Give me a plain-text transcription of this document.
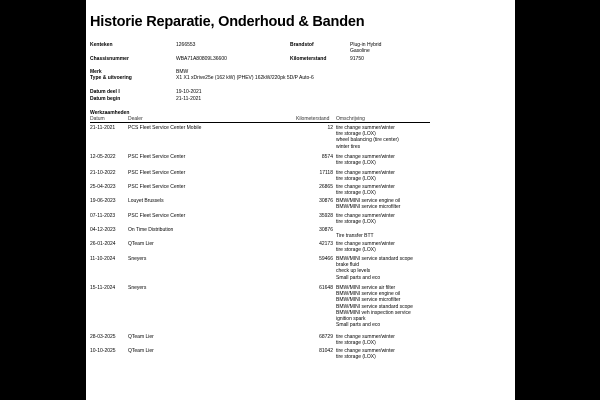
Historie Reparatie, Onderhoud & Banden
Kenteken	1266553	Brandstof	Plug-in Hybrid Gasoline
Chassisnummer	WBA71A80809L36600	Kilometerstand	91750
Merk	BMW
Type & uitvoering	X1 X1 xDrive25e (162 kW) (PHEV) 162kW/220pk 5D/P Auto-6
Datum deel I	19-10-2021
Datum begin	21-11-2021
Werkzaamheden
Datum	Dealer	Kilometerstand Omschrijving
21-11-2021	PCS Fleet Service Center Mobile	12 tire change summer/winter
tire storage (LOX)
wheel balancing (tire center)
winter tires
12-05-2022 PSC Fleet Service Center	8574 tire change summer/winter
tire storage (LOX)
21-10-2022 PSC Fleet Service Center	17118 tire change summer/winter
tire storage (LOX)
25-04-2023 PSC Fleet Service Center	26865 tire change summer/winter
tire storage (LOX)
19-06-2023 Louyet Brussels	30876 BMW/MINI service engine oil
BMW/MINI service microfilter
07-11-2023	PSC Fleet Service Center	35928 tire change summer/winter
tire storage (LOX)
04-12-2023 On Time Distribution	30876
Tire transfer BTT
26-01-2024 QTeam Lier	42173 tire change summer/winter
tire storage (LOX)
11-10-2024	Sneyers	59466 BMW/MINI service standard scope
brake fluid
check up levels
Small parts and eco
15-11-2024	Sneyers	61648 BMW/MINI service air filter
BMW/MINI service engine oil
BMW/MINI service microfilter
BMW/MINI service standard scope
BMW/MINI veh inspection service
ignition spark
Small parts and eco
28-03-2025 QTeam Lier	68729 tire change summer/winter
tire storage (LOX)
10-10-2025 QTeam Lier	81042 tire change summer/winter
tire storage (LOX)
